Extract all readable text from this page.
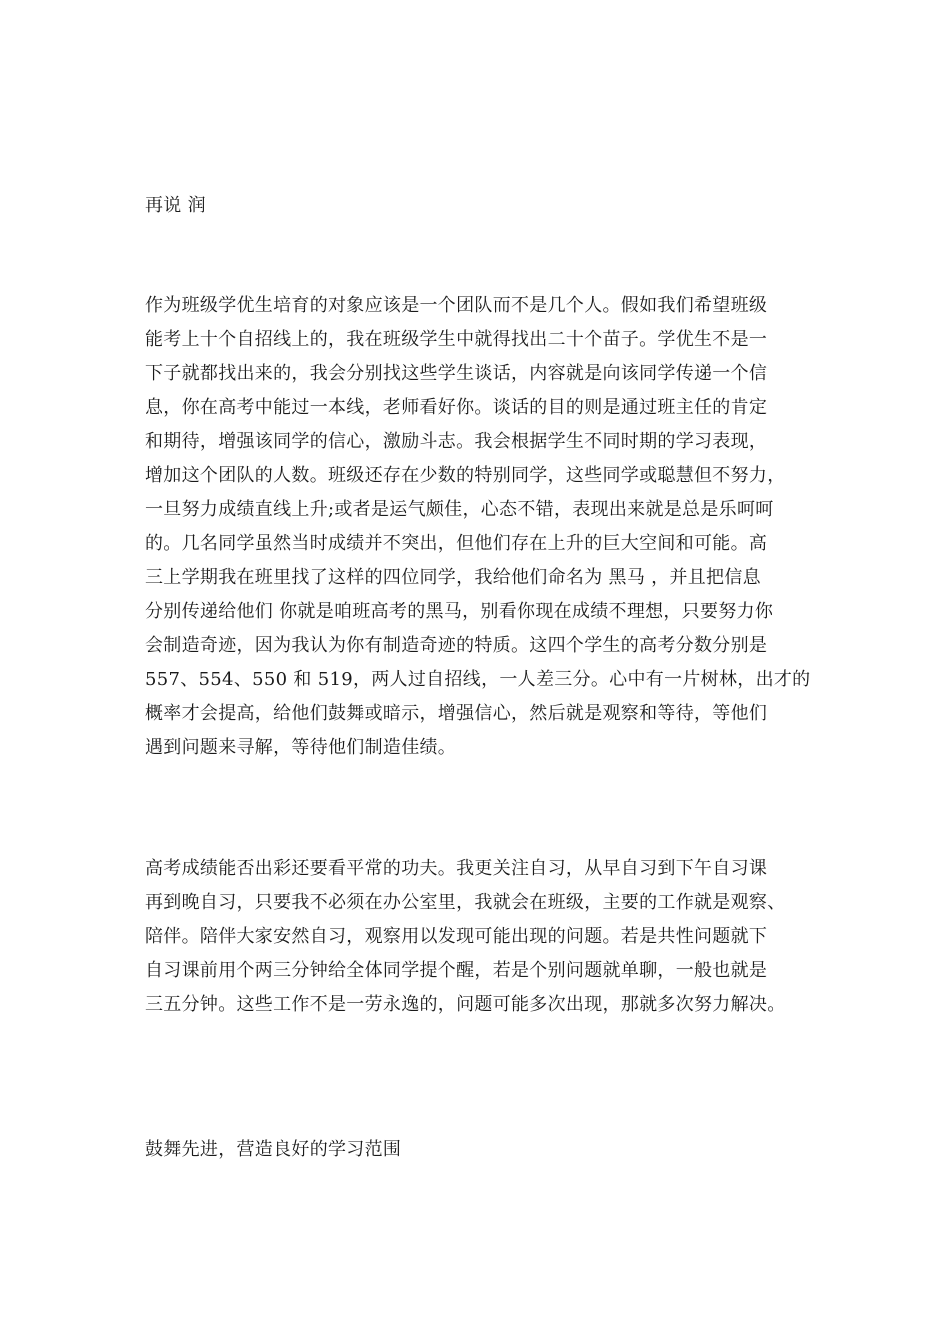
再说 润
作为班级学优生培育的对象应该是一个团队而不是几个人。假如我们希望班级
能考上十个自招线上的，我在班级学生中就得找出二十个苗子。学优生不是一
下子就都找出来的，我会分别找这些学生谈话，内容就是向该同学传递一个信
息，你在高考中能过一本线，老师看好你。谈话的目的则是通过班主任的肯定
和期待，增强该同学的信心，激励斗志。我会根据学生不同时期的学习表现，
增加这个团队的人数。班级还存在少数的特别同学，这些同学或聪慧但不努力，
一旦努力成绩直线上升;或者是运气颇佳，心态不错，表现出来就是总是乐呵呵
的。几名同学虽然当时成绩并不突出，但他们存在上升的巨大空间和可能。高
三上学期我在班里找了这样的四位同学，我给他们命名为 黑马 ，并且把信息
分别传递给他们 你就是咱班高考的黑马，别看你现在成绩不理想，只要努力你
会制造奇迹，因为我认为你有制造奇迹的特质。这四个学生的高考分数分别是
557、554、550 和 519，两人过自招线，一人差三分。心中有一片树林，出才的
概率才会提高，给他们鼓舞或暗示，增强信心，然后就是观察和等待，等他们
遇到问题来寻解，等待他们制造佳绩。
高考成绩能否出彩还要看平常的功夫。我更关注自习，从早自习到下午自习课
再到晚自习，只要我不必须在办公室里，我就会在班级，主要的工作就是观察、
陪伴。陪伴大家安然自习，观察用以发现可能出现的问题。若是共性问题就下
自习课前用个两三分钟给全体同学提个醒，若是个别问题就单聊，一般也就是
三五分钟。这些工作不是一劳永逸的，问题可能多次出现，那就多次努力解决。
鼓舞先进，营造良好的学习范围
